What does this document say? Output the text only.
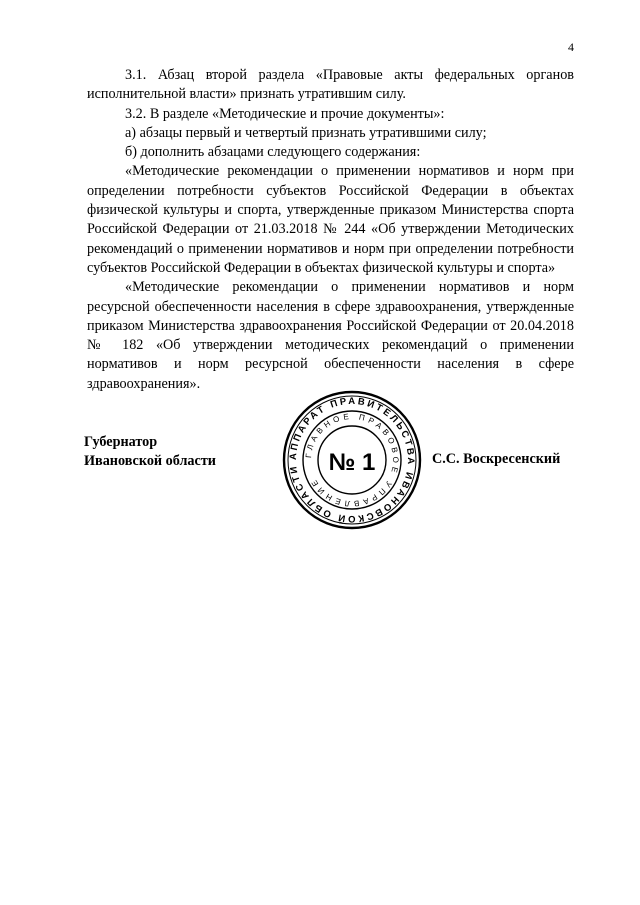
4

3.1. Абзац второй раздела «Правовые акты федеральных органов исполнительной власти» признать утратившим силу.

3.2. В разделе «Методические и прочие документы»:

а) абзацы первый и четвертый признать утратившими силу;

б) дополнить абзацами следующего содержания:

«Методические рекомендации о применении нормативов и норм при определении потребности субъектов Российской Федерации в объектах физической культуры и спорта, утвержденные приказом Министерства спорта Российской Федерации от 21.03.2018 № 244 «Об утверждении Методических рекомендаций о применении нормативов и норм при определении потребности субъектов Российской Федерации в объектах физической культуры и спорта»

«Методические рекомендации о применении нормативов и норм ресурсной обеспеченности населения в сфере здравоохранения, утвержденные приказом Министерства здравоохранения Российской Федерации от 20.04.2018 № 182 «Об утверждении методических рекомендаций о применении нормативов и норм ресурсной обеспеченности населения в сфере здравоохранения».

Губернатор
Ивановской области	АППАРАТ ПРАВИТЕЛЬСТВА ИВАНОВСКОЙ ОБЛАСТИ
ГЛАВНОЕ ПРАВОВОЕ УПРАВЛЕНИЕ
№ 1	С.С. Воскресенский
